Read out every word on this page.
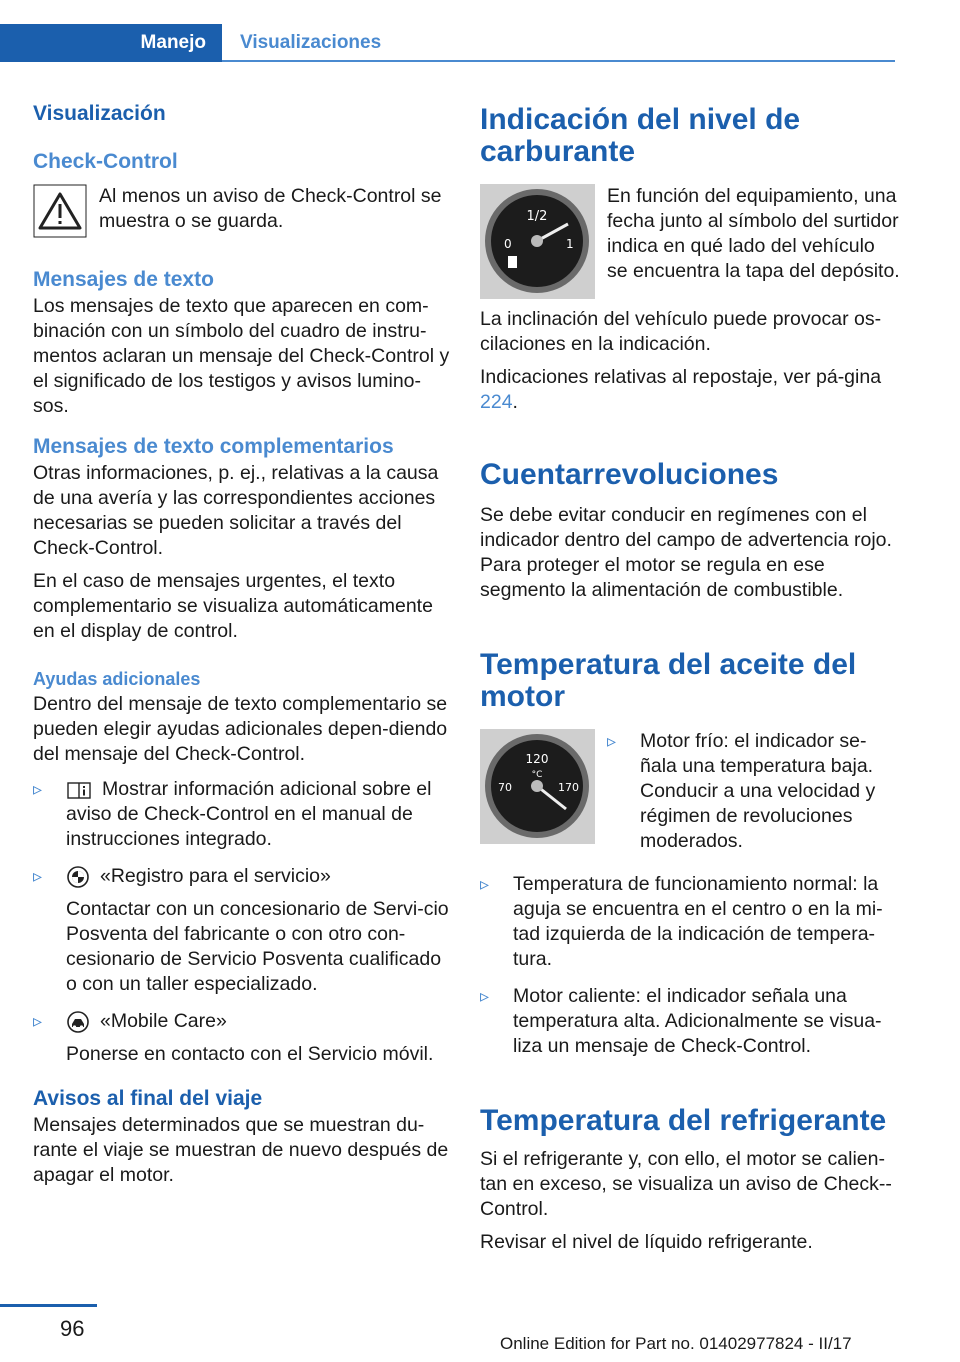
Manejo	Visualizaciones
Visualización
Check-Control

Al menos un aviso de Check-Control se muestra o se guarda.

Mensajes de texto

Los mensajes de texto que aparecen en com-binación con un símbolo del cuadro de instru-mentos aclaran un mensaje del Check-Control y el significado de los testigos y avisos lumino-sos.

Mensajes de texto complementarios

Otras informaciones, p. ej., relativas a la causa de una avería y las correspondientes acciones necesarias se pueden solicitar a través del Check-Control.

En el caso de mensajes urgentes, el texto complementario se visualiza automáticamente en el display de control.

Ayudas adicionales

Dentro del mensaje de texto complementario se pueden elegir ayudas adicionales depen-diendo del mensaje del Check-Control.

▹ Mostrar información adicional sobre el aviso de Check-Control en el manual de instrucciones integrado.
▹ «Registro para el servicio»

Contactar con un concesionario de Servi-cio Posventa del fabricante o con otro con-cesionario de Servicio Posventa cualificado o con un taller especializado.

▹ «Mobile Care»

Ponerse en contacto con el Servicio móvil.

Avisos al final del viaje

Mensajes determinados que se muestran du-rante el viaje se muestran de nuevo después de apagar el motor.

Indicación del nivel de carburante
1/2
0	1

En función del equipamiento, una fecha junto al símbolo del surtidor indica en qué lado del vehículo se encuentra la tapa del depósito.

La inclinación del vehículo puede provocar os-cilaciones en la indicación.

Indicaciones relativas al repostaje, ver pá-gina 224.

Cuentarrevoluciones

Se debe evitar conducir en regímenes con el indicador dentro del campo de advertencia rojo. Para proteger el motor se regula en ese segmento la alimentación de combustible.

Temperatura del aceite del motor
120
°C
70	170
▹ Motor frío: el indicador se-ñala una temperatura baja. Conducir a una velocidad y régimen de revoluciones moderados.
▹ Temperatura de funcionamiento normal: la aguja se encuentra en el centro o en la mi-tad izquierda de la indicación de tempera-tura.
▹ Motor caliente: el indicador señala una temperatura alta. Adicionalmente se visua-liza un mensaje de Check-Control.
Temperatura del refrigerante

Si el refrigerante y, con ello, el motor se calien-tan en exceso, se visualiza un aviso de Check--Control.

Revisar el nivel de líquido refrigerante.

96
Online Edition for Part no. 01402977824 - II/17
